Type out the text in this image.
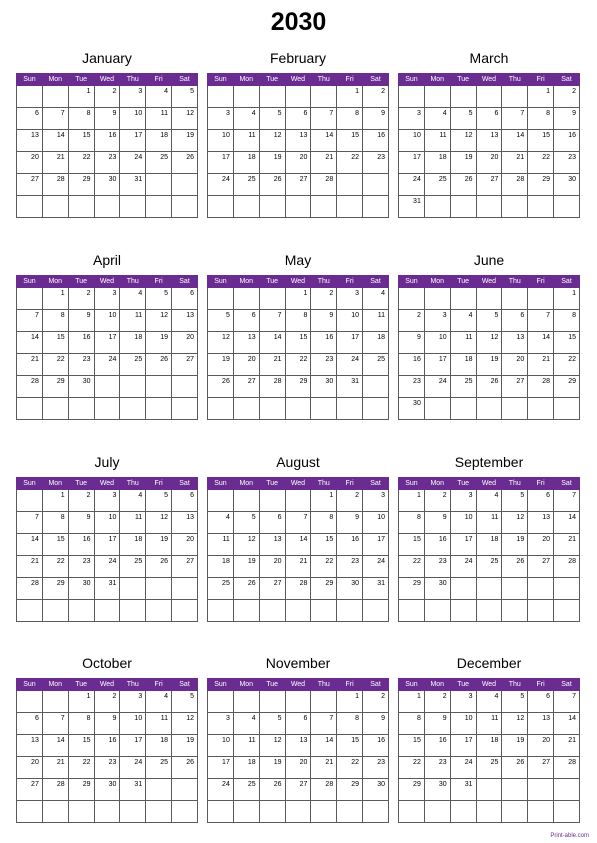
2030
January
Sun	Mon	Tue	Wed	Thu	Fri	Sat

		1	2	3	4	5

6	7	8	9	10	11	12

13	14	15	16	17	18	19

20	21	22	23	24	25	26

27	28	29	30	31		

February
Sun	Mon	Tue	Wed	Thu	Fri	Sat

					1	2

3	4	5	6	7	8	9

10	11	12	13	14	15	16

17	18	19	20	21	22	23

24	25	26	27	28		

March
Sun	Mon	Tue	Wed	Thu	Fri	Sat

					1	2

3	4	5	6	7	8	9

10	11	12	13	14	15	16

17	18	19	20	21	22	23

24	25	26	27	28	29	30

31						

April
Sun	Mon	Tue	Wed	Thu	Fri	Sat

	1	2	3	4	5	6

7	8	9	10	11	12	13

14	15	16	17	18	19	20

21	22	23	24	25	26	27

28	29	30				

May
Sun	Mon	Tue	Wed	Thu	Fri	Sat

			1	2	3	4

5	6	7	8	9	10	11

12	13	14	15	16	17	18

19	20	21	22	23	24	25

26	27	28	29	30	31	

June
Sun	Mon	Tue	Wed	Thu	Fri	Sat

						1

2	3	4	5	6	7	8

9	10	11	12	13	14	15

16	17	18	19	20	21	22

23	24	25	26	27	28	29

30						

July
Sun	Mon	Tue	Wed	Thu	Fri	Sat

	1	2	3	4	5	6

7	8	9	10	11	12	13

14	15	16	17	18	19	20

21	22	23	24	25	26	27

28	29	30	31			

August
Sun	Mon	Tue	Wed	Thu	Fri	Sat

				1	2	3

4	5	6	7	8	9	10

11	12	13	14	15	16	17

18	19	20	21	22	23	24

25	26	27	28	29	30	31

September
Sun	Mon	Tue	Wed	Thu	Fri	Sat

1	2	3	4	5	6	7

8	9	10	11	12	13	14

15	16	17	18	19	20	21

22	23	24	25	26	27	28

29	30					

October
Sun	Mon	Tue	Wed	Thu	Fri	Sat

		1	2	3	4	5

6	7	8	9	10	11	12

13	14	15	16	17	18	19

20	21	22	23	24	25	26

27	28	29	30	31		

November
Sun	Mon	Tue	Wed	Thu	Fri	Sat

					1	2

3	4	5	6	7	8	9

10	11	12	13	14	15	16

17	18	19	20	21	22	23

24	25	26	27	28	29	30

December
Sun	Mon	Tue	Wed	Thu	Fri	Sat

1	2	3	4	5	6	7

8	9	10	11	12	13	14

15	16	17	18	19	20	21

22	23	24	25	26	27	28

29	30	31				

Print-able.com
